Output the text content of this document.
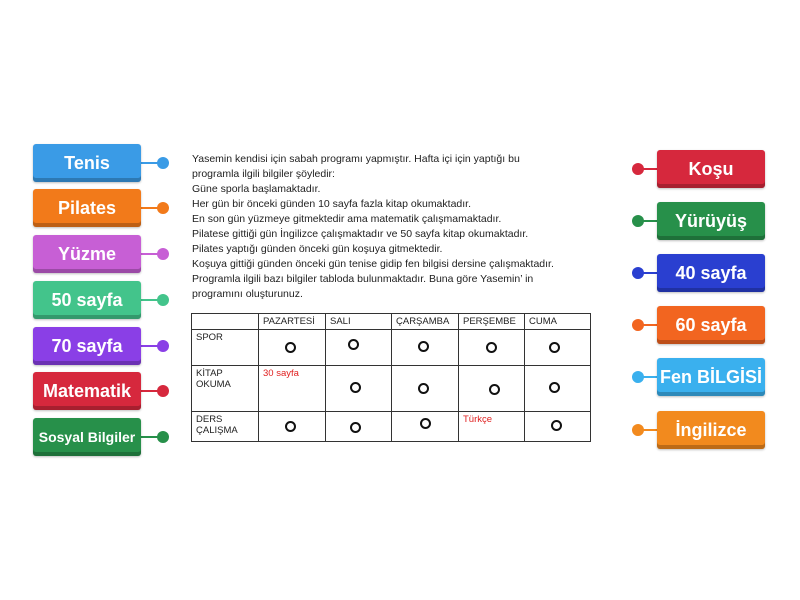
Tenis
Pilates
Yüzme
50 sayfa
70 sayfa
Matematik
Sosyal Bilgiler
Koşu
Yürüyüş
40 sayfa
60 sayfa
Fen BİLGİSİ
İngilizce
Yasemin kendisi için sabah programı yapmıştır. Hafta içi için yaptığı bu
programla ilgili bilgiler şöyledir:
Güne sporla başlamaktadır.
Her gün bir önceki günden 10 sayfa fazla kitap okumaktadır.
En son gün yüzmeye gitmektedir ama matematik çalışmamaktadır.
Pilatese gittiği gün İngilizce çalışmaktadır ve 50 sayfa kitap okumaktadır.
Pilates yaptığı günden önceki gün koşuya gitmektedir.
Koşuya gittiği günden önceki gün tenise gidip fen bilgisi dersine çalışmaktadır.
Programla ilgili bazı bilgiler tabloda bulunmaktadır. Buna göre Yasemin’ in
programını oluşturunuz.
	PAZARTESİ	SALI	ÇARŞAMBA	PERŞEMBE	CUMA
SPOR	

KİTAP OKUMA	30 sayfa	

DERS ÇALIŞMA				Türkçe	
